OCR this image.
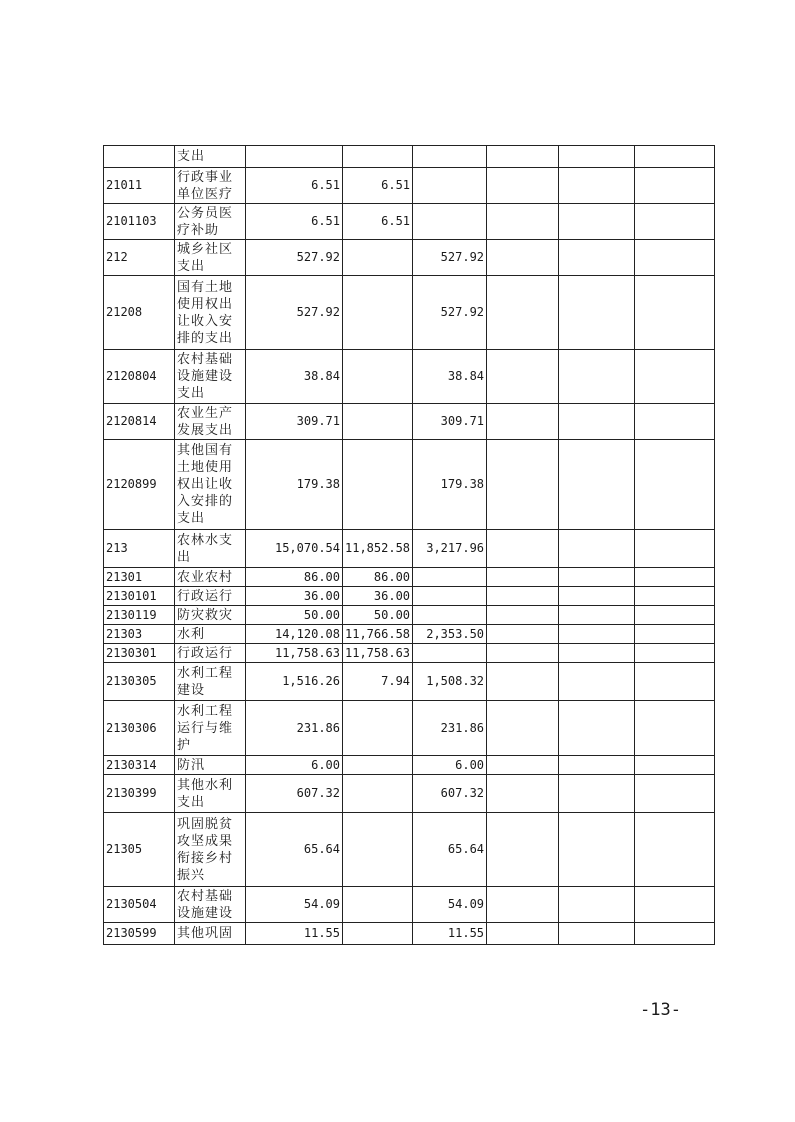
	支出						
21011	行政事业单位医疗	6.51	6.51				
2101103	公务员医疗补助	6.51	6.51				
212	城乡社区支出	527.92		527.92			
21208	国有土地使用权出让收入安排的支出	527.92		527.92			
2120804	农村基础设施建设支出	38.84		38.84			
2120814	农业生产发展支出	309.71		309.71			
2120899	其他国有土地使用权出让收入安排的支出	179.38		179.38			
213	农林水支出	15,070.54	11,852.58	3,217.96			
21301	农业农村	86.00	86.00				
2130101	行政运行	36.00	36.00				
2130119	防灾救灾	50.00	50.00				
21303	水利	14,120.08	11,766.58	2,353.50			
2130301	行政运行	11,758.63	11,758.63				
2130305	水利工程建设	1,516.26	7.94	1,508.32			
2130306	水利工程运行与维护	231.86		231.86			
2130314	防汛	6.00		6.00			
2130399	其他水利支出	607.32		607.32			
21305	巩固脱贫攻坚成果衔接乡村振兴	65.64		65.64			
2130504	农村基础设施建设	54.09		54.09			
2130599	其他巩固	11.55		11.55			
-13-
